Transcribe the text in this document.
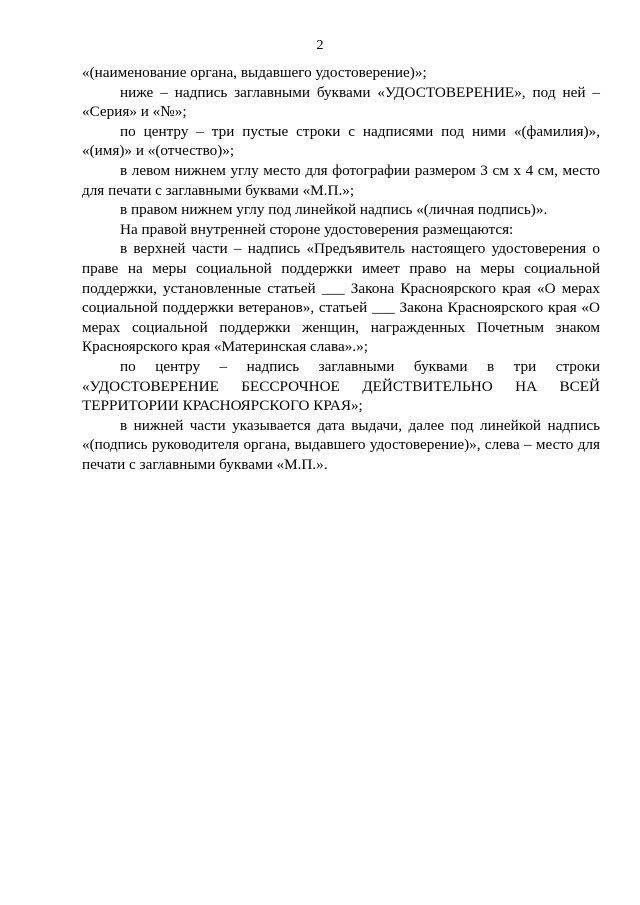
2

«(наименование органа, выдавшего удостоверение)»;

ниже – надпись заглавными буквами «УДОСТОВЕРЕНИЕ», под ней – «Серия» и «№»;

по центру – три пустые строки с надписями под ними «(фамилия)», «(имя)» и «(отчество)»;

в левом нижнем углу место для фотографии размером 3 см х 4 см, место для печати с заглавными буквами «М.П.»;

в правом нижнем углу под линейкой надпись «(личная подпись)».

На правой внутренней стороне удостоверения размещаются:

в верхней части – надпись «Предъявитель настоящего удостоверения о праве на меры социальной поддержки имеет право на меры социальной поддержки, установленные статьей ___ Закона Красноярского края «О мерах социальной поддержки ветеранов», статьей ___ Закона Красноярского края «О мерах социальной поддержки женщин, награжденных Почетным знаком Красноярского края «Материнская слава».»;

по центру – надпись заглавными буквами в три строки «УДОСТОВЕРЕНИЕ БЕССРОЧНОЕ ДЕЙСТВИТЕЛЬНО НА ВСЕЙ ТЕРРИТОРИИ КРАСНОЯРСКОГО КРАЯ»;

в нижней части указывается дата выдачи, далее под линейкой надпись «(подпись руководителя органа, выдавшего удостоверение)», слева – место для печати с заглавными буквами «М.П.».
